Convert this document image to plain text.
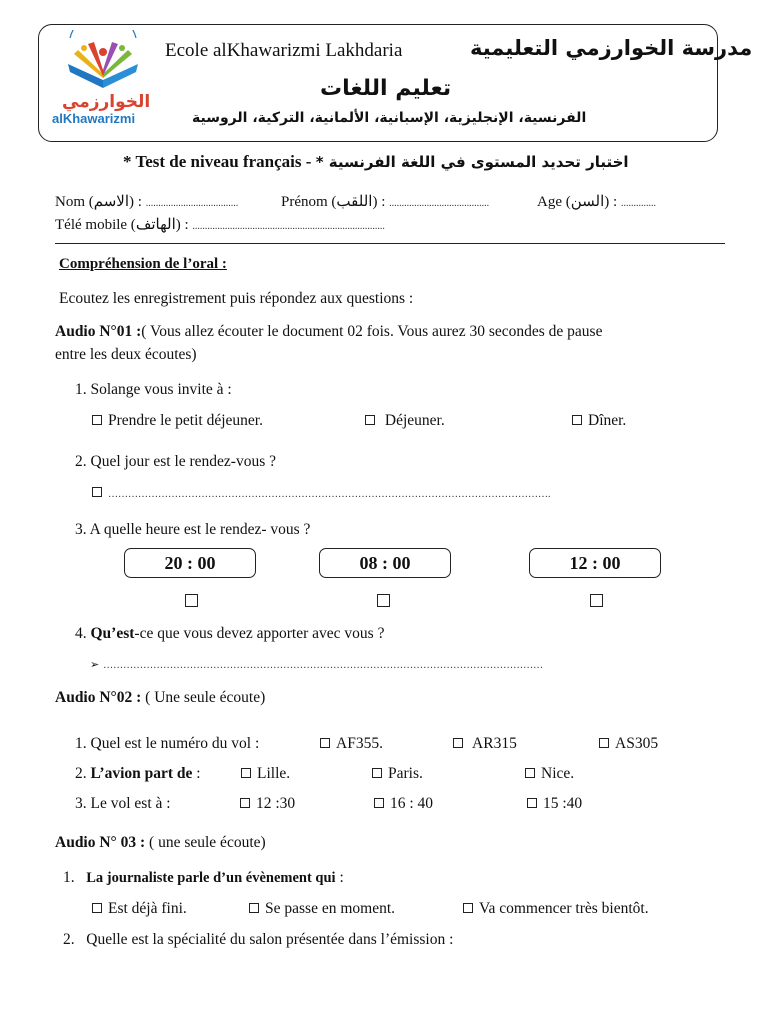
الخوارزمي
alKhawarizmi
Ecole alKhawarizmi Lakhdaria	مدرسة الخوارزمي التعليمية
تعليم اللغات
الفرنسية، الإنجليزية، الإسبانية، الألمانية، التركية، الروسية
* Test de niveau français - اختبار تحديد المستوى في اللغة الفرنسية *
Nom (الاسم) : .....................................	Prénom (اللقب) : ........................................	Age (السن) : ..............
Télé mobile (الهاتف) : .............................................................................
Compréhension de l’oral :
Ecoutez les enregistrement puis répondez aux questions :
Audio N°01 :( Vous allez écouter le document 02 fois. Vous aurez 30 secondes de pause
entre les deux écoutes)
1. Solange vous invite à :
Prendre le petit déjeuner.	Déjeuner.	Dîner.
2. Quel jour est le rendez-vous ?
…………………………………………………………………………………………………………………….
3. A quelle heure est le rendez- vous ?
20 : 00	08 : 00	12 : 00
4. Qu’est-ce que vous devez apporter avec vous ?
➢ ……………………………………………………………………………………………………………………
Audio N°02 : ( Une seule écoute)
1. Quel est le numéro du vol :	AF355.	AR315	AS305
2. L’avion part de :	Lille.	Paris.	Nice.
3. Le vol est à :	12 :30	16 : 40	15 :40
Audio N° 03 : ( une seule écoute)
1. La journaliste parle d’un évènement qui :
Est déjà fini.	Se passe en moment.	Va commencer très bientôt.
2. Quelle est la spécialité du salon présentée dans l’émission :
